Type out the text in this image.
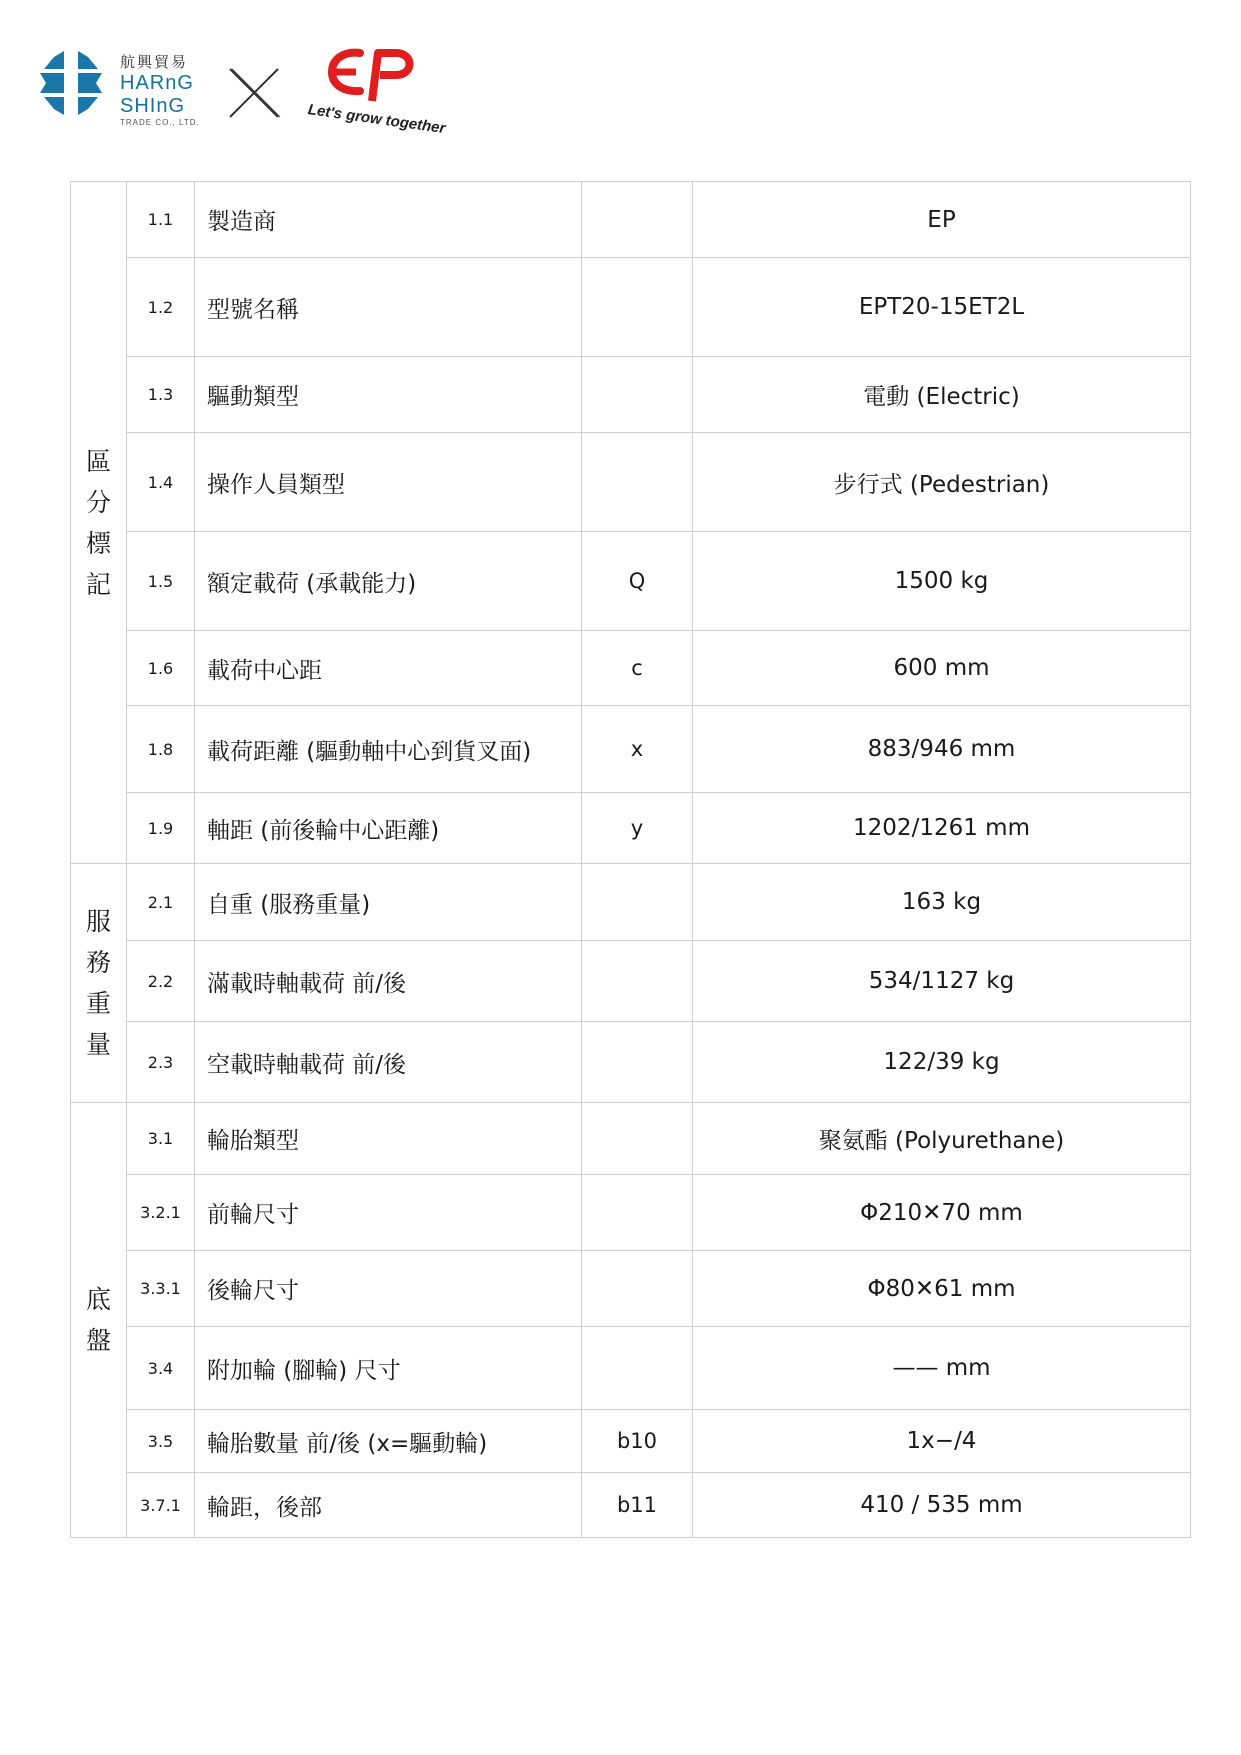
航興貿易
HARnG
SHInG
TRADE CO., LTD.	Let's grow together
區
分
標
記	1.1	製造商		EP
	1.2	型號名稱		EPT20-15ET2L
	1.3	驅動類型		電動 (Electric)
	1.4	操作人員類型		步行式 (Pedestrian)
	1.5	額定載荷 (承載能力)	Q	1500 kg
	1.6	載荷中心距	c	600 mm
	1.8	載荷距離 (驅動軸中心到貨叉面)	x	883/946 mm
	1.9	軸距 (前後輪中心距離)	y	1202/1261 mm

服
務
重
量	2.1	自重 (服務重量)		163 kg
	2.2	滿載時軸載荷 前/後		534/1127 kg
	2.3	空載時軸載荷 前/後		122/39 kg

底
盤	3.1	輪胎類型		聚氨酯 (Polyurethane)
	3.2.1	前輪尺寸		Φ210✕70 mm
	3.3.1	後輪尺寸		Φ80✕61 mm
	3.4	附加輪 (腳輪) 尺寸		—— mm
	3.5	輪胎數量 前/後 (x=驅動輪)	b10	1x−/4
	3.7.1	輪距，後部	b11	410 / 535 mm
